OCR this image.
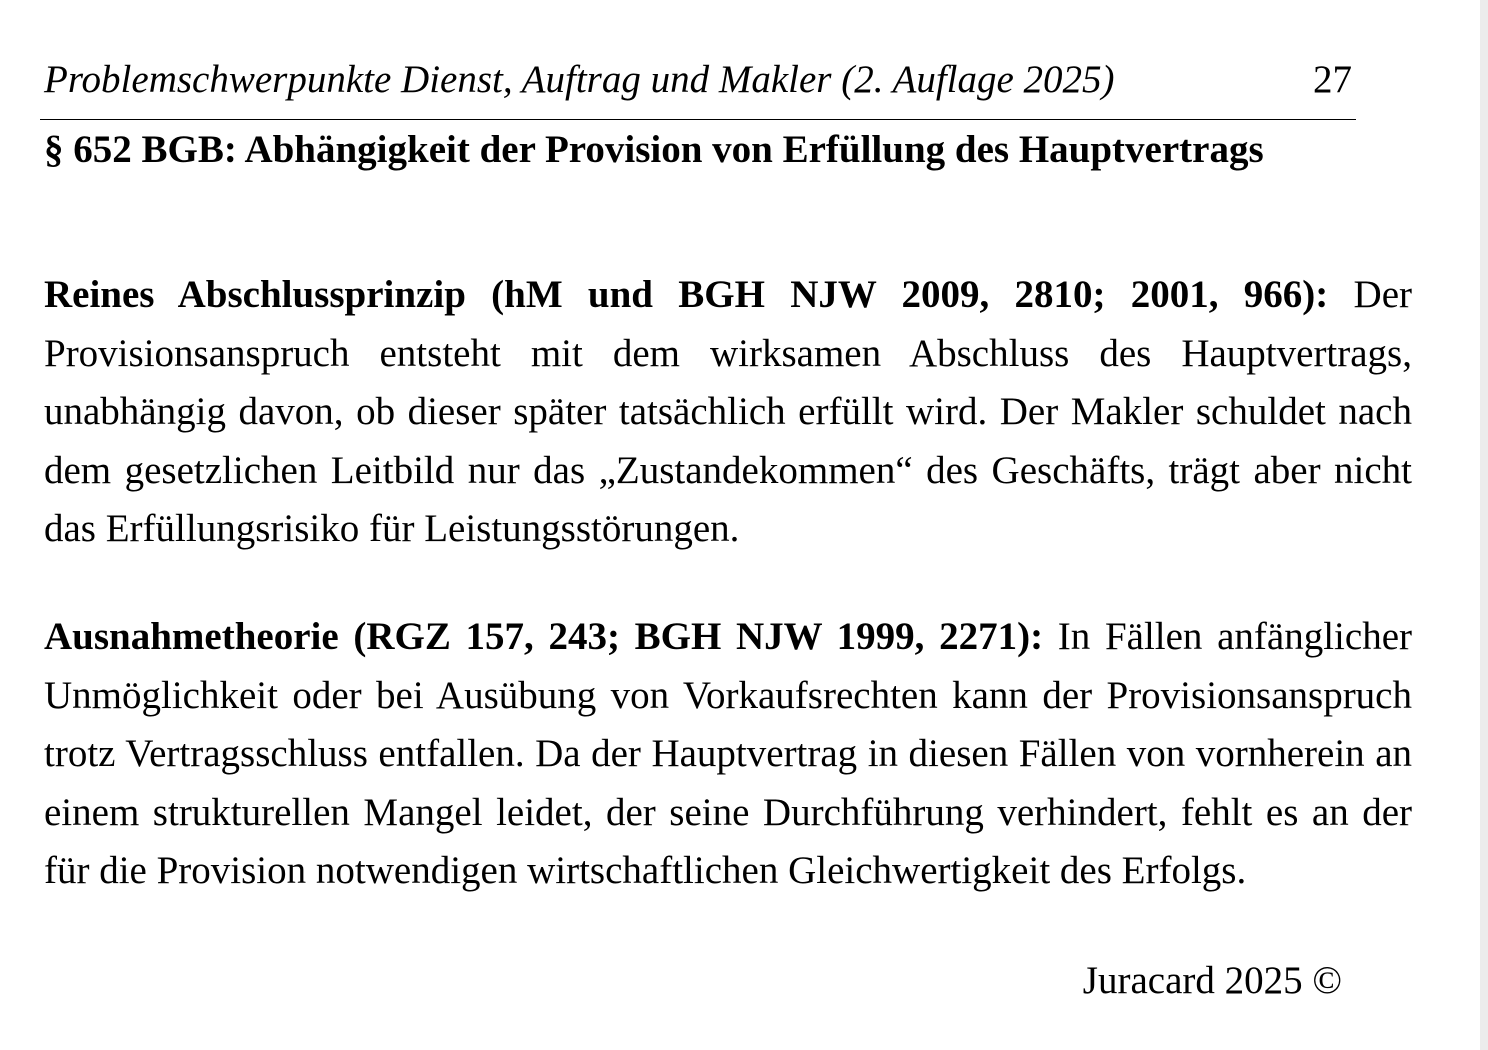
Problemschwerpunkte Dienst, Auftrag und Makler (2. Auflage 2025)	27
§ 652 BGB: Abhängigkeit der Provision von Erfüllung des Hauptvertrags

Reines Abschlussprinzip (hM und BGH NJW 2009, 2810; 2001, 966): Der Provisionsanspruch entsteht mit dem wirksamen Abschluss des Hauptvertrags, unabhängig davon, ob dieser später tatsächlich erfüllt wird. Der Makler schuldet nach dem gesetzlichen Leitbild nur das „Zustandekommen“ des Geschäfts, trägt aber nicht das Erfüllungsrisiko für Leistungsstörungen.

Ausnahmetheorie (RGZ 157, 243; BGH NJW 1999, 2271): In Fällen anfänglicher Unmöglichkeit oder bei Ausübung von Vorkaufsrechten kann der Provisionsanspruch trotz Vertragsschluss entfallen. Da der Hauptvertrag in diesen Fällen von vornherein an einem strukturellen Mangel leidet, der seine Durchführung verhindert, fehlt es an der für die Provision notwendigen wirtschaftlichen Gleichwertigkeit des Erfolgs.

Juracard 2025 ©
